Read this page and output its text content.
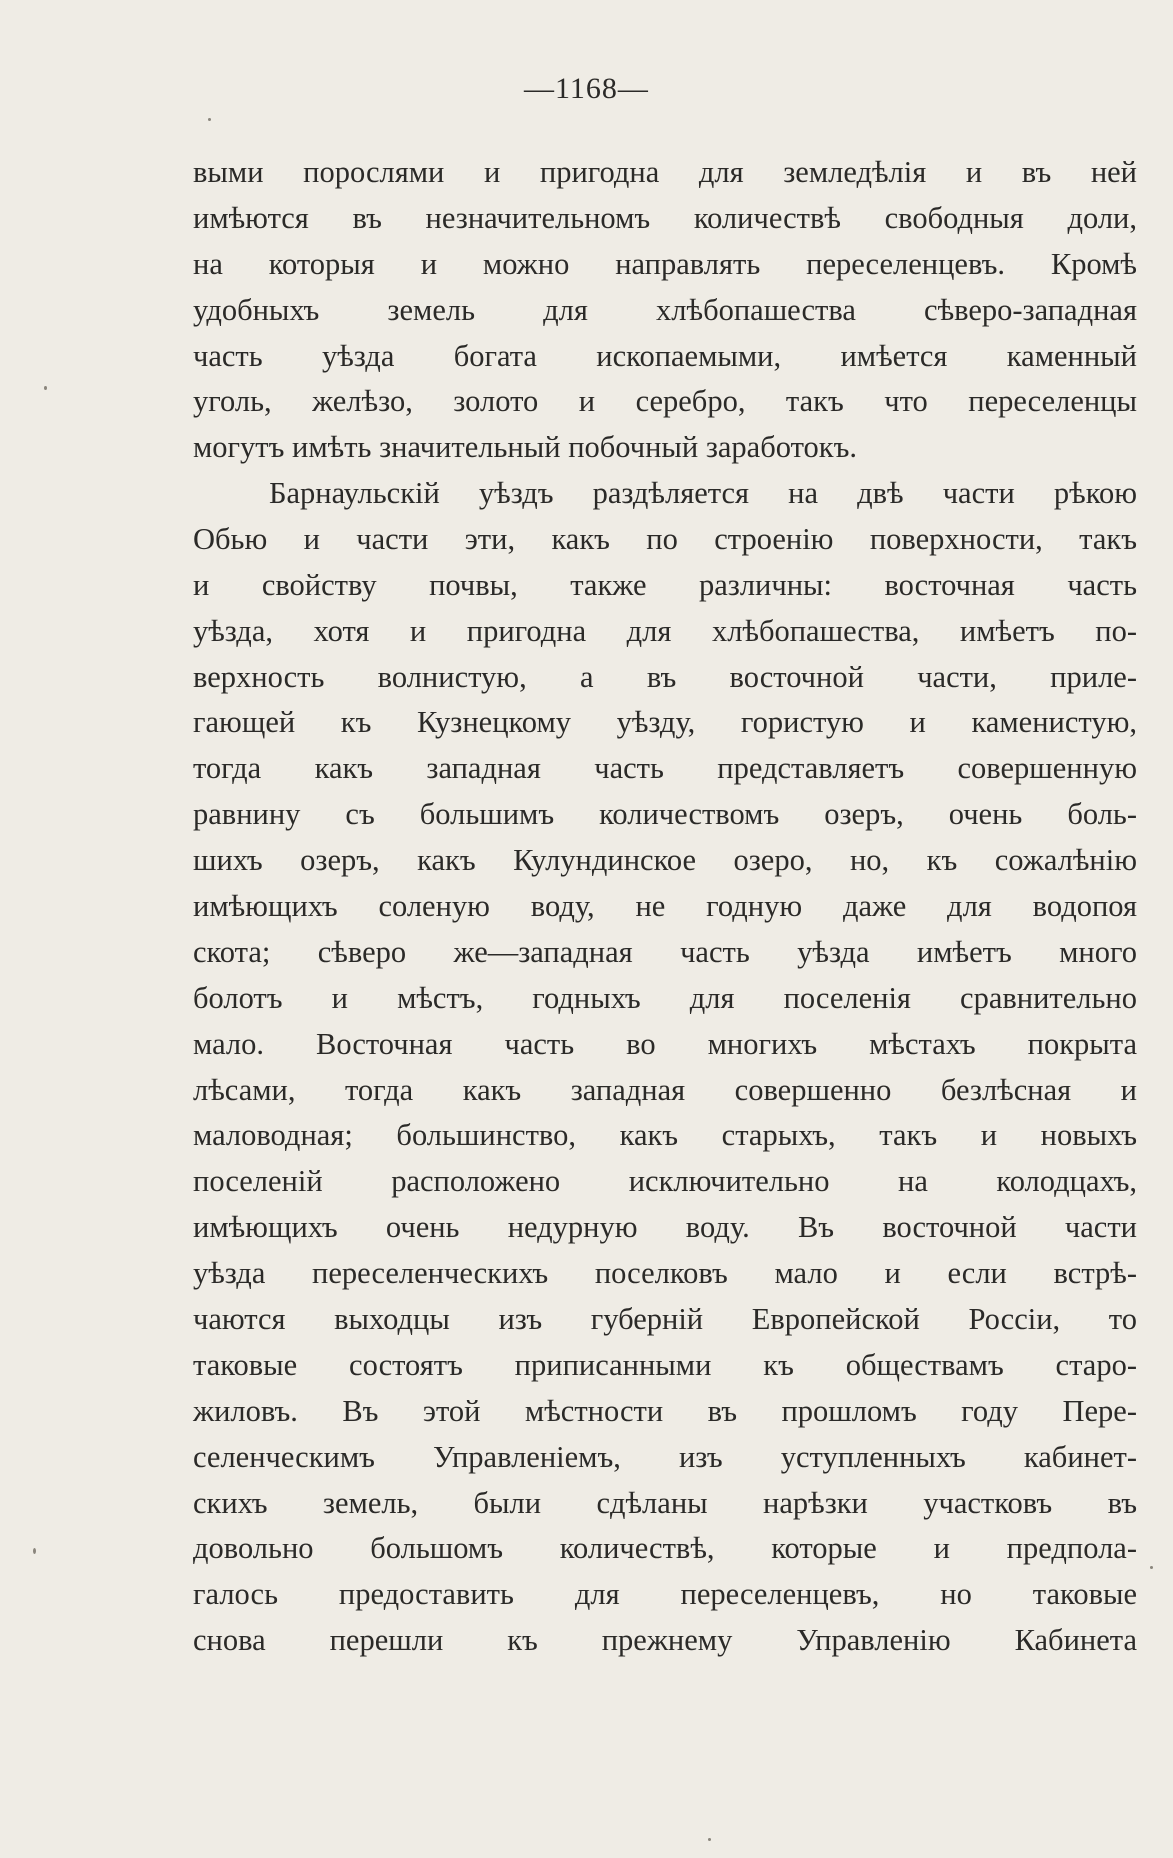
—1168—
выми порослями и пригодна для земледѣлія и въ ней
имѣются въ незначительномъ количествѣ свободныя доли,
на которыя и можно направлять переселенцевъ. Кромѣ
удобныхъ земель для хлѣбопашества сѣверо-западная
часть уѣзда богата ископаемыми, имѣется каменный
уголь, желѣзо, золото и серебро, такъ что переселенцы
могутъ имѣть значительный побочный заработокъ.
Барнаульскій уѣздъ раздѣляется на двѣ части рѣкою
Обью и части эти, какъ по строенію поверхности, такъ
и свойству почвы, также различны: восточная часть
уѣзда, хотя и пригодна для хлѣбопашества, имѣетъ по-
верхность волнистую, а въ восточной части, приле-
гающей къ Кузнецкому уѣзду, гористую и каменистую,
тогда какъ западная часть представляетъ совершенную
равнину съ большимъ количествомъ озеръ, очень боль-
шихъ озеръ, какъ Кулундинское озеро, но, къ сожалѣнію
имѣющихъ соленую воду, не годную даже для водопоя
скота; сѣверо же—западная часть уѣзда имѣетъ много
болотъ и мѣстъ, годныхъ для поселенія сравнительно
мало. Восточная часть во многихъ мѣстахъ покрыта
лѣсами, тогда какъ западная совершенно безлѣсная и
маловодная; большинство, какъ старыхъ, такъ и новыхъ
поселеній расположено исключительно на колодцахъ,
имѣющихъ очень недурную воду. Въ восточной части
уѣзда переселенческихъ поселковъ мало и если встрѣ-
чаются выходцы изъ губерній Европейской Россіи, то
таковые состоятъ приписанными къ обществамъ старо-
жиловъ. Въ этой мѣстности въ прошломъ году Пере-
селенческимъ Управленіемъ, изъ уступленныхъ кабинет-
скихъ земель, были сдѣланы нарѣзки участковъ въ
довольно большомъ количествѣ, которые и предпола-
галось предоставить для переселенцевъ, но таковые
снова перешли къ прежнему Управленію Кабинета
